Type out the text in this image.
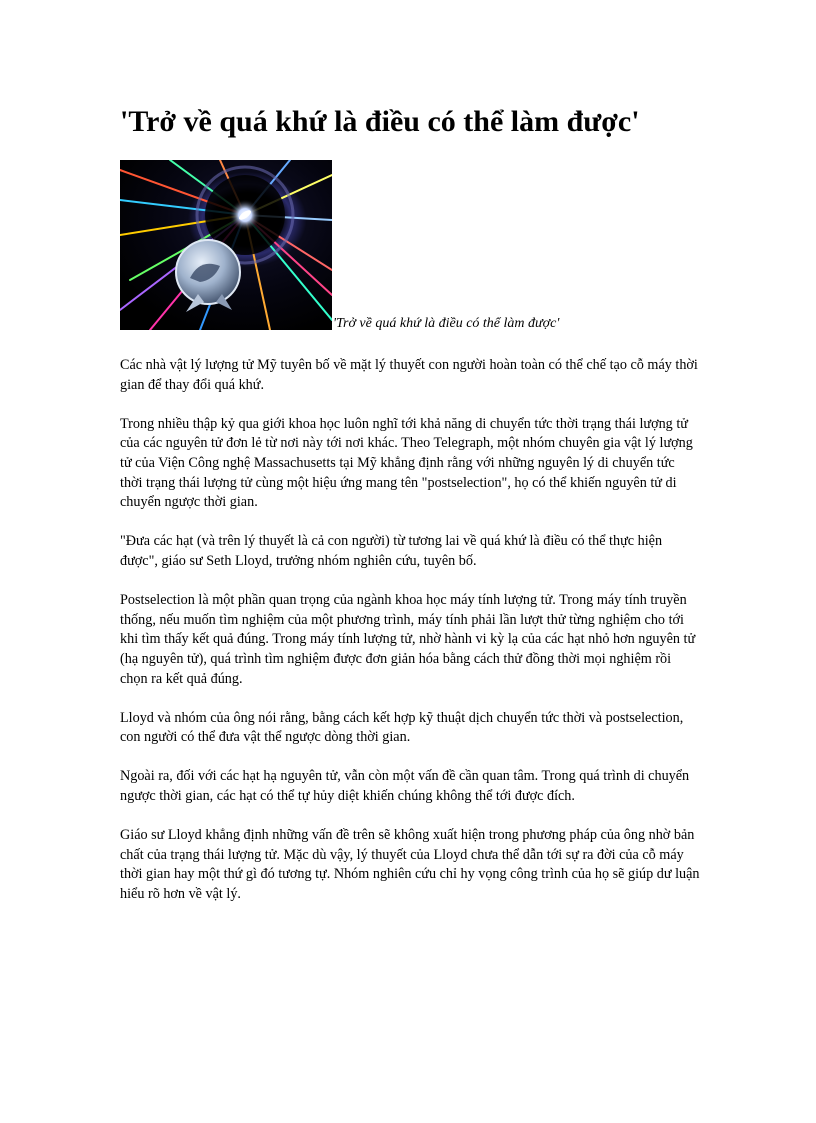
'Trở về quá khứ là điều có thể làm được'
'Trở về quá khứ là điều có thể làm được'

Các nhà vật lý lượng tử Mỹ tuyên bố về mặt lý thuyết con người hoàn toàn có thể chế tạo cỗ máy thời gian để thay đổi quá khứ.

Trong nhiều thập kỷ qua giới khoa học luôn nghĩ tới khả năng di chuyển tức thời trạng thái lượng tử của các nguyên tử đơn lẻ từ nơi này tới nơi khác. Theo Telegraph, một nhóm chuyên gia vật lý lượng tử của Viện Công nghệ Massachusetts tại Mỹ khẳng định rằng với những nguyên lý di chuyển tức thời trạng thái lượng tử cùng một hiệu ứng mang tên "postselection", họ có thể khiến nguyên tử di chuyển ngược thời gian.

"Đưa các hạt (và trên lý thuyết là cả con người) từ tương lai về quá khứ là điều có thể thực hiện được", giáo sư Seth Lloyd, trưởng nhóm nghiên cứu, tuyên bố.

Postselection là một phần quan trọng của ngành khoa học máy tính lượng tử. Trong máy tính truyền thống, nếu muốn tìm nghiệm của một phương trình, máy tính phải lần lượt thử từng nghiệm cho tới khi tìm thấy kết quả đúng. Trong máy tính lượng tử, nhờ hành vi kỳ lạ của các hạt nhỏ hơn nguyên tử (hạ nguyên tử), quá trình tìm nghiệm được đơn giản hóa bằng cách thử đồng thời mọi nghiệm rồi chọn ra kết quả đúng.

Lloyd và nhóm của ông nói rằng, bằng cách kết hợp kỹ thuật dịch chuyển tức thời và postselection, con người có thể đưa vật thể ngược dòng thời gian.

Ngoài ra, đối với các hạt hạ nguyên tử, vẫn còn một vấn đề cần quan tâm. Trong quá trình di chuyển ngược thời gian, các hạt có thể tự hủy diệt khiến chúng không thể tới được đích.

Giáo sư Lloyd khẳng định những vấn đề trên sẽ không xuất hiện trong phương pháp của ông nhờ bản chất của trạng thái lượng tử. Mặc dù vậy, lý thuyết của Lloyd chưa thể dẫn tới sự ra đời của cỗ máy thời gian hay một thứ gì đó tương tự. Nhóm nghiên cứu chỉ hy vọng công trình của họ sẽ giúp dư luận hiểu rõ hơn về vật lý.
